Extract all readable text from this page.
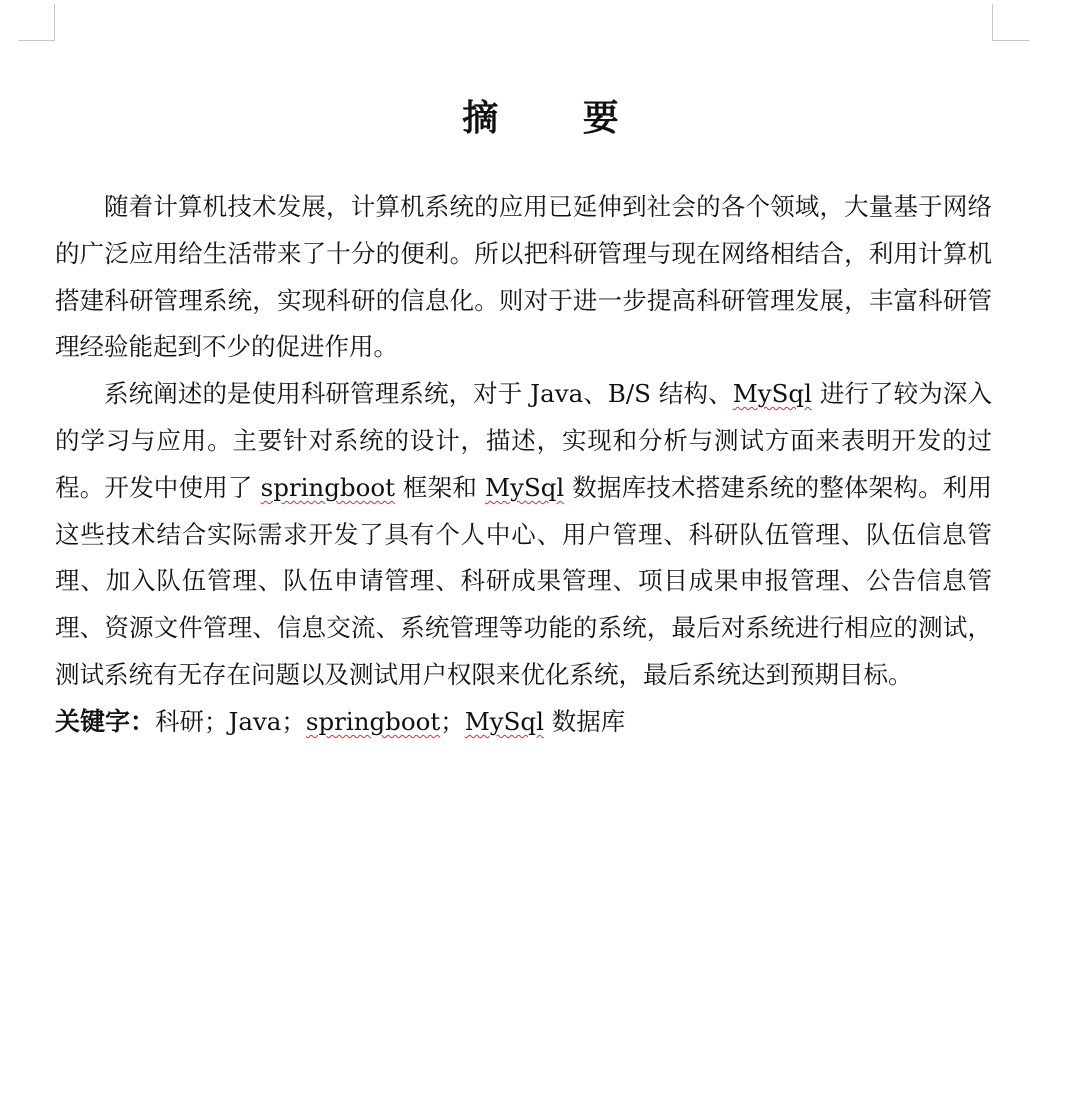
摘 要

随着计算机技术发展，计算机系统的应用已延伸到社会的各个领域，大量基于网络的广泛应用给生活带来了十分的便利。所以把科研管理与现在网络相结合，利用计算机搭建科研管理系统，实现科研的信息化。则对于进一步提高科研管理发展，丰富科研管理经验能起到不少的促进作用。

系统阐述的是使用科研管理系统，对于 Java、B/S 结构、MySql 进行了较为深入的学习与应用。主要针对系统的设计，描述，实现和分析与测试方面来表明开发的过程。开发中使用了 springboot 框架和 MySql 数据库技术搭建系统的整体架构。利用这些技术结合实际需求开发了具有个人中心、用户管理、科研队伍管理、队伍信息管理、加入队伍管理、队伍申请管理、科研成果管理、项目成果申报管理、公告信息管理、资源文件管理、信息交流、系统管理等功能的系统，最后对系统进行相应的测试，测试系统有无存在问题以及测试用户权限来优化系统，最后系统达到预期目标。

关键字：科研；Java；springboot；MySql 数据库
